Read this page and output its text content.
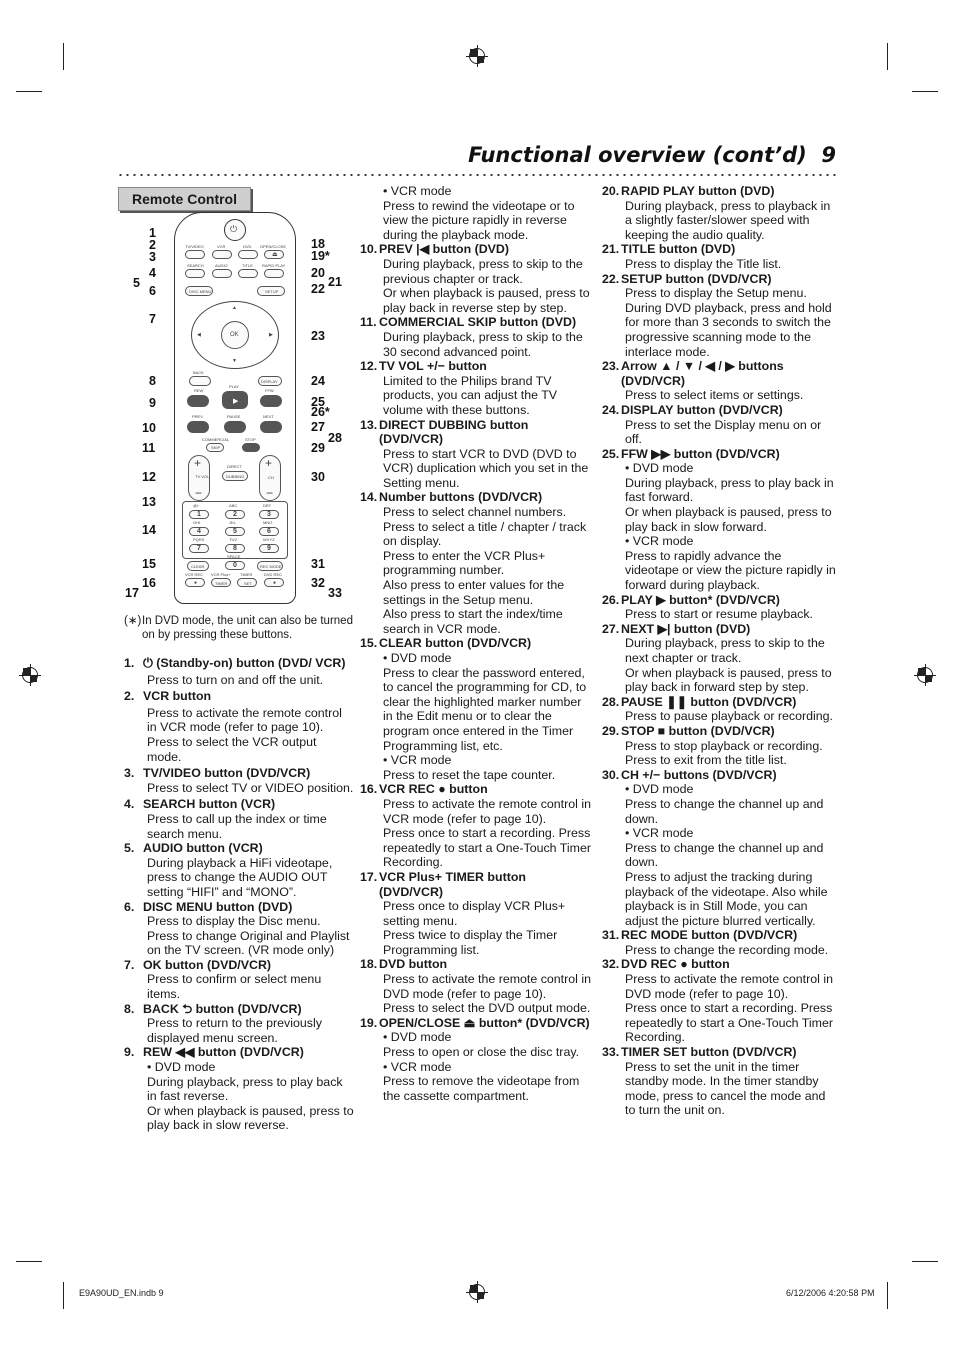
Functional overview (cont’d) 9
Remote Control
⏻
TV/VIDEO	VCR	DVD OPEN/CLOSE
⏏
SEARCH	AUDIO	TITLE RAPID PLAY
DISC MENU	SETUP
OK
▲
▼
◀	▶
BACK
DISPLAY
REW
PLAY
FFW
▶
PREV	PAUSE	NEXT
COMMERCIAL	STOP
SKIP
+
TV VOL
−
+
CH
−
DIRECT
DUBBING
CLEAR	REC MODE
VCR REC VCR Plus+ TIMER	DVD REC
●	TIMER	SET	●
@/:
1
ABC
2
DEF
3
GHI
4
JKL
5
MNO
6
PQRS
7
TUV
8
WXYZ
9
0
SPACE
1
2
3
4
5
6
7
8
9
10
11
12
13
14
15
16
17
18
19*
20
21
22
23
24
25
26*
27
28
29
30
31
32
33
(∗) In DVD mode, the unit can also be turned on by pressing these buttons.
1. ⏻ (Standby-on) button (DVD/ VCR)

Press to turn on and off the unit.

2. VCR button

Press to activate the remote control in VCR mode (refer to page 10).

Press to select the VCR output mode.

3. TV/VIDEO button (DVD/VCR)

Press to select TV or VIDEO position.

4. SEARCH button (VCR)

Press to call up the index or time search menu.

5. AUDIO button (VCR)

During playback a HiFi videotape, press to change the AUDIO OUT setting “HIFI” and “MONO”.

6. DISC MENU button (DVD)

Press to display the Disc menu.

Press to change Original and Playlist on the TV screen. (VR mode only)

7. OK button (DVD/VCR)

Press to confirm or select menu items.

8. BACK ⮌ button (DVD/VCR)

Press to return to the previously displayed menu screen.

9. REW ◀◀ button (DVD/VCR)

• DVD mode

During playback, press to play back in fast reverse.

Or when playback is paused, press to play back in slow reverse.

• VCR mode

Press to rewind the videotape or to view the picture rapidly in reverse during the playback mode.

10. PREV |◀ button (DVD)

During playback, press to skip to the previous chapter or track.

Or when playback is paused, press to play back in reverse step by step.

11. COMMERCIAL SKIP button (DVD)

During playback, press to skip to the 30 second advanced point.

12. TV VOL +/− button

Limited to the Philips brand TV products, you can adjust the TV volume with these buttons.

13. DIRECT DUBBING button (DVD/VCR)

Press to start VCR to DVD (DVD to VCR) duplication which you set in the Setting menu.

14. Number buttons (DVD/VCR)

Press to select channel numbers.

Press to select a title / chapter / track on display.

Press to enter the VCR Plus+ programming number.

Also press to enter values for the settings in the Setup menu.

Also press to start the index/time search in VCR mode.

15. CLEAR button (DVD/VCR)

• DVD mode

Press to clear the password entered, to cancel the programming for CD, to clear the highlighted marker number in the Edit menu or to clear the program once entered in the Timer Programming list, etc.

• VCR mode

Press to reset the tape counter.

16. VCR REC ● button

Press to activate the remote control in VCR mode (refer to page 10).

Press once to start a recording. Press repeatedly to start a One-Touch Timer Recording.

17. VCR Plus+ TIMER button (DVD/VCR)

Press once to display VCR Plus+ setting menu.

Press twice to display the Timer Programming list.

18. DVD button

Press to activate the remote control in DVD mode (refer to page 10).

Press to select the DVD output mode.

19. OPEN/CLOSE ⏏ button* (DVD/VCR)

• DVD mode

Press to open or close the disc tray.

• VCR mode

Press to remove the videotape from the cassette compartment.

20. RAPID PLAY button (DVD)

During playback, press to playback in a slightly faster/slower speed with keeping the audio quality.

21. TITLE button (DVD)

Press to display the Title list.

22. SETUP button (DVD/VCR)

Press to display the Setup menu.

During DVD playback, press and hold for more than 3 seconds to switch the progressive scanning mode to the interlace mode.

23. Arrow ▲ / ▼ / ◀ / ▶ buttons (DVD/VCR)

Press to select items or settings.

24. DISPLAY button (DVD/VCR)

Press to set the Display menu on or off.

25. FFW ▶▶ button (DVD/VCR)

• DVD mode

During playback, press to play back in fast forward.

Or when playback is paused, press to play back in slow forward.

• VCR mode

Press to rapidly advance the videotape or view the picture rapidly in forward during playback.

26. PLAY ▶ button* (DVD/VCR)

Press to start or resume playback.

27. NEXT ▶| button (DVD)

During playback, press to skip to the next chapter or track.

Or when playback is paused, press to play back in forward step by step.

28. PAUSE ❚❚ button (DVD/VCR)

Press to pause playback or recording.

29. STOP ■ button (DVD/VCR)

Press to stop playback or recording.

Press to exit from the title list.

30. CH +/− buttons (DVD/VCR)

• DVD mode

Press to change the channel up and down.

• VCR mode

Press to change the channel up and down.

Press to adjust the tracking during playback of the videotape. Also while playback is in Still Mode, you can adjust the picture blurred vertically.

31. REC MODE button (DVD/VCR)

Press to change the recording mode.

32. DVD REC ● button

Press to activate the remote control in DVD mode (refer to page 10).

Press once to start a recording. Press repeatedly to start a One-Touch Timer Recording.

33. TIMER SET button (DVD/VCR)

Press to set the unit in the timer standby mode. In the timer standby mode, press to cancel the mode and to turn the unit on.

E9A90UD_EN.indb 9	6/12/2006 4:20:58 PM
